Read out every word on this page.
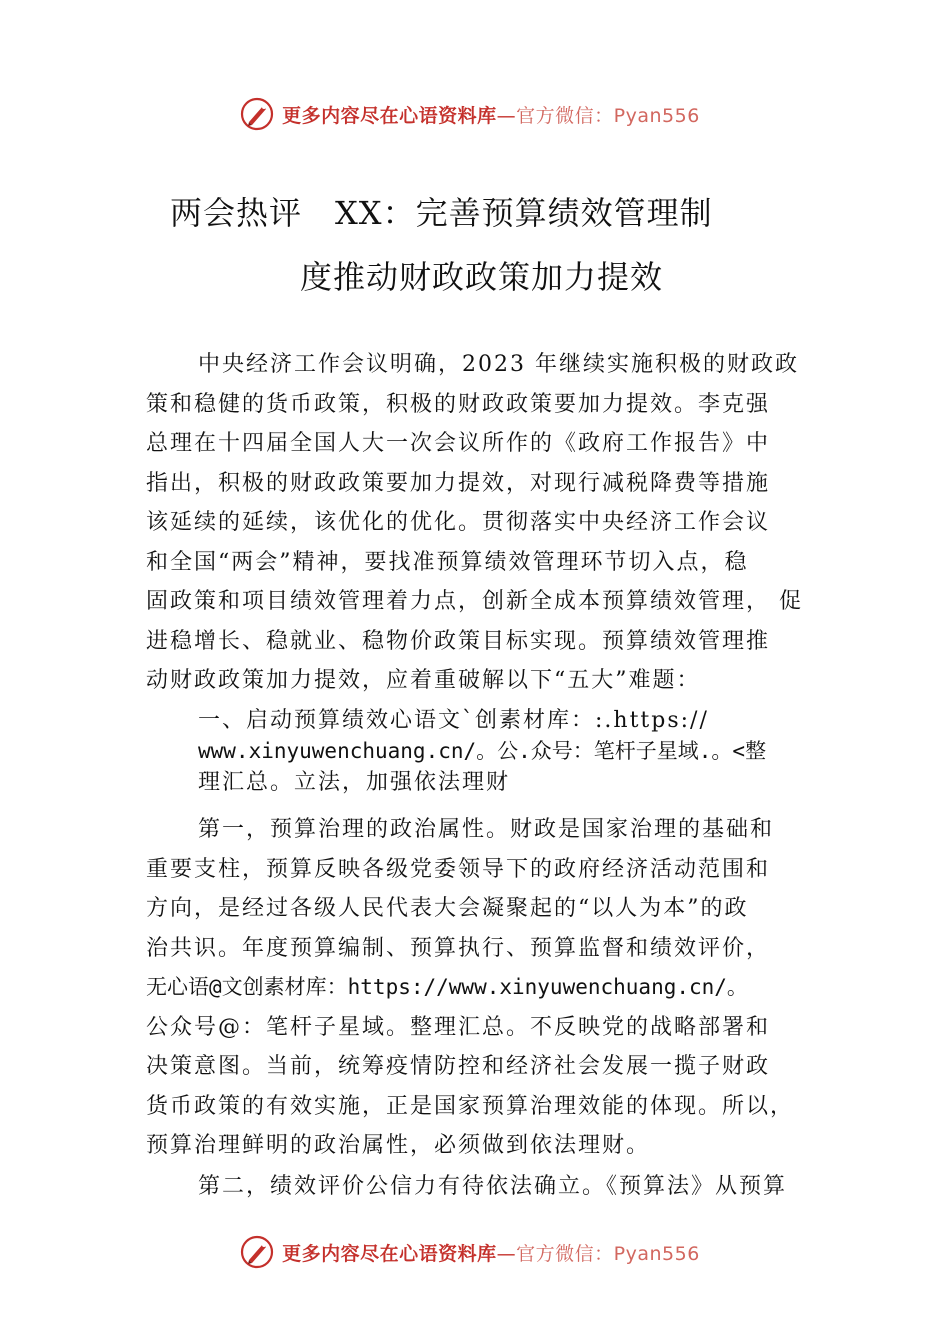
更多内容尽在心语资料库—官方微信：Pyan556
两会热评　XX：完善预算绩效管理制
度推动财政政策加力提效
中央经济工作会议明确，2023 年继续实施积极的财政政
策和稳健的货币政策，积极的财政政策要加力提效。李克强
总理在十四届全国人大一次会议所作的《政府工作报告》中
指出，积极的财政政策要加力提效，对现行减税降费等措施
该延续的延续，该优化的优化。贯彻落实中央经济工作会议
和全国“两会”精神，要找准预算绩效管理环节切入点，稳
固政策和项目绩效管理着力点，创新全成本预算绩效管理， 促
进稳增长、稳就业、稳物价政策目标实现。预算绩效管理推
动财政政策加力提效，应着重破解以下“五大”难题：
一、启动预算绩效心语文`创素材库：:.https://
www.xinyuwenchuang.cn/。公.众号：笔杆子星域.。<整
理汇总。立法，加强依法理财
第一，预算治理的政治属性。财政是国家治理的基础和
重要支柱，预算反映各级党委领导下的政府经济活动范围和
方向，是经过各级人民代表大会凝聚起的“以人为本”的政
治共识。年度预算编制、预算执行、预算监督和绩效评价，
无心语@文创素材库：https://www.xinyuwenchuang.cn/。
公众号@：笔杆子星域。整理汇总。不反映党的战略部署和
决策意图。当前，统筹疫情防控和经济社会发展一揽子财政
货币政策的有效实施，正是国家预算治理效能的体现。所以，
预算治理鲜明的政治属性，必须做到依法理财。
第二，绩效评价公信力有待依法确立。《预算法》从预算
更多内容尽在心语资料库—官方微信：Pyan556
